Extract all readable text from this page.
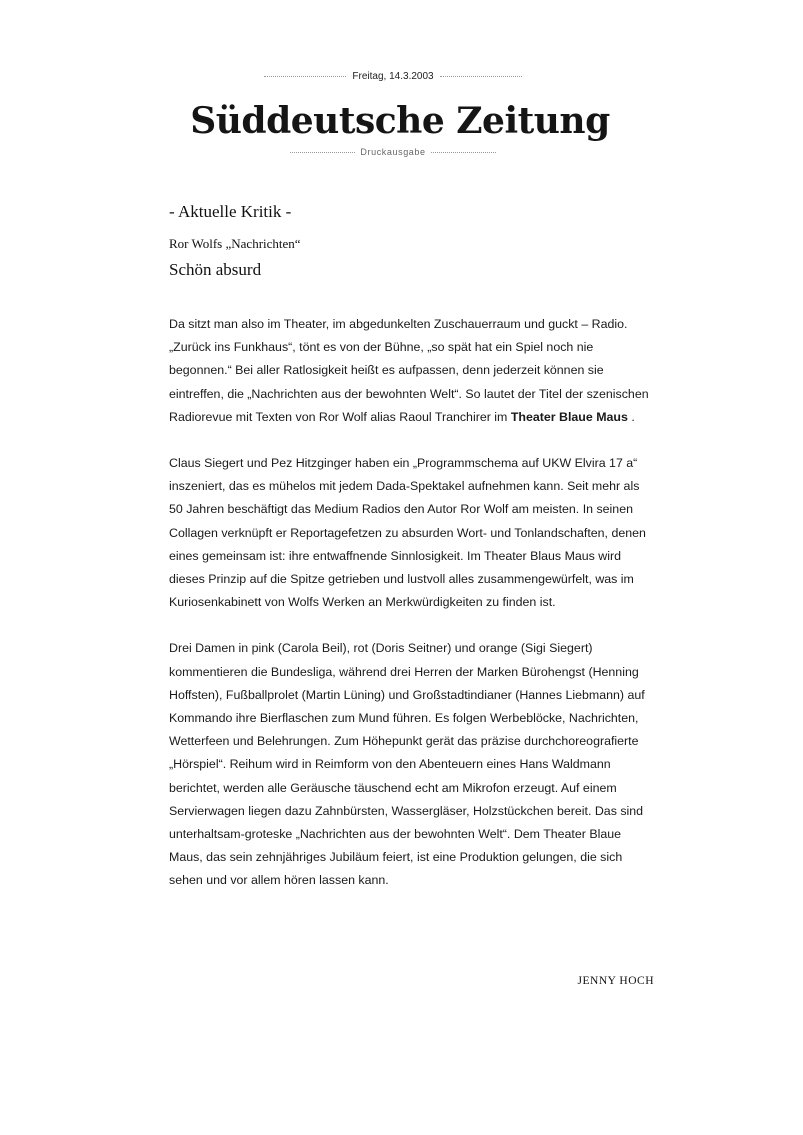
Freitag, 14.3.2003
Süddeutsche Zeitung
Druckausgabe
- Aktuelle Kritik -
Ror Wolfs „Nachrichten“
Schön absurd

Da sitzt man also im Theater, im abgedunkelten Zuschauerraum und guckt – Radio. „Zurück ins Funkhaus“, tönt es von der Bühne, „so spät hat ein Spiel noch nie begonnen.“ Bei aller Ratlosigkeit heißt es aufpassen, denn jederzeit können sie eintreffen, die „Nachrichten aus der bewohnten Welt“. So lautet der Titel der szenischen Radiorevue mit Texten von Ror Wolf alias Raoul Tranchirer im Theater Blaue Maus .

Claus Siegert und Pez Hitzginger haben ein „Programmschema auf UKW Elvira 17 a“ inszeniert, das es mühelos mit jedem Dada-Spektakel aufnehmen kann. Seit mehr als 50 Jahren beschäftigt das Medium Radios den Autor Ror Wolf am meisten. In seinen Collagen verknüpft er Reportagefetzen zu absurden Wort- und Tonlandschaften, denen eines gemeinsam ist: ihre entwaffnende Sinnlosigkeit. Im Theater Blaus Maus wird dieses Prinzip auf die Spitze getrieben und lustvoll alles zusammengewürfelt, was im Kuriosenkabinett von Wolfs Werken an Merkwürdigkeiten zu finden ist.

Drei Damen in pink (Carola Beil), rot (Doris Seitner) und orange (Sigi Siegert) kommentieren die Bundesliga, während drei Herren der Marken Bürohengst (Henning Hoffsten), Fußballprolet (Martin Lüning) und Großstadtindianer (Hannes Liebmann) auf Kommando ihre Bierflaschen zum Mund führen. Es folgen Werbeblöcke, Nachrichten, Wetterfeen und Belehrungen. Zum Höhepunkt gerät das präzise durchchoreografierte „Hörspiel“. Reihum wird in Reimform von den Abenteuern eines Hans Waldmann berichtet, werden alle Geräusche täuschend echt am Mikrofon erzeugt. Auf einem Servierwagen liegen dazu Zahnbürsten, Wassergläser, Holzstückchen bereit. Das sind unterhaltsam-groteske „Nachrichten aus der bewohnten Welt“. Dem Theater Blaue Maus, das sein zehnjähriges Jubiläum feiert, ist eine Produktion gelungen, die sich sehen und vor allem hören lassen kann.

JENNY HOCH
